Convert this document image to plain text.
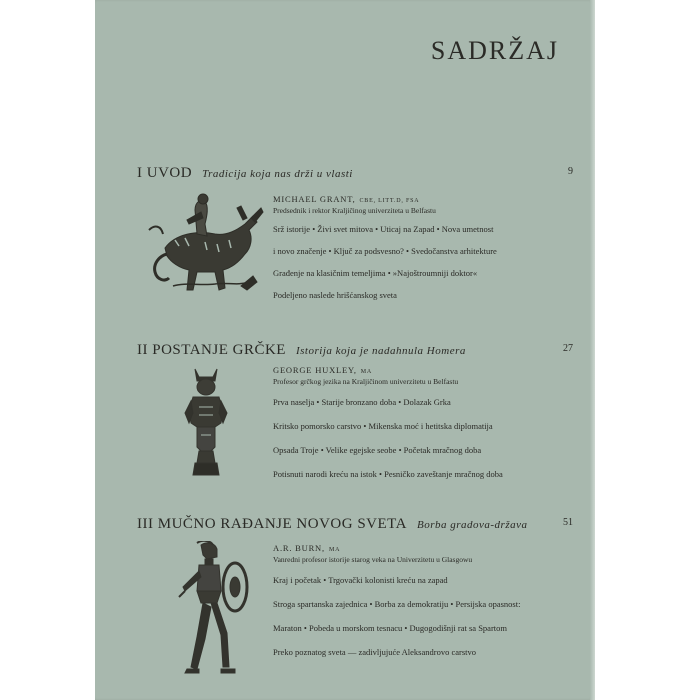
SADRŽAJ
I UVOD Tradicija koja nas drži u vlasti	9
MICHAEL GRANT, CBE, LITT.D, FSA
Predsednik i rektor Kraljičinog univerziteta u Belfastu
Srž istorije • Živi svet mitova • Uticaj na Zapad • Nova umetnost
i novo značenje • Ključ za podsvesno? • Svedočanstva arhitekture
Građenje na klasičnim temeljima • »Najoštroumniji doktor«
Podeljeno naslede hrišćanskog sveta
II POSTANJE GRČKE Istorija koja je nadahnula Homera	27
GEORGE HUXLEY, MA
Profesor grčkog jezika na Kraljičinom univerzitetu u Belfastu
Prva naselja • Starije bronzano doba • Dolazak Grka
Kritsko pomorsko carstvo • Mikenska moć i hetitska diplomatija
Opsada Troje • Velike egejske seobe • Početak mračnog doba
Potisnuti narodi kreću na istok • Pesničko zaveštanje mračnog doba
III MUČNO RAĐANJE NOVOG SVETA Borba gradova-država	51
A.R. BURN, MA
Vanredni profesor istorije starog veka na Univerzitetu u Glasgowu
Kraj i početak • Trgovački kolonisti kreću na zapad
Stroga spartanska zajednica • Borba za demokratiju • Persijska opasnost:
Maraton • Pobeda u morskom tesnacu • Dugogodišnji rat sa Spartom
Preko poznatog sveta — zadivljujuće Aleksandrovo carstvo
